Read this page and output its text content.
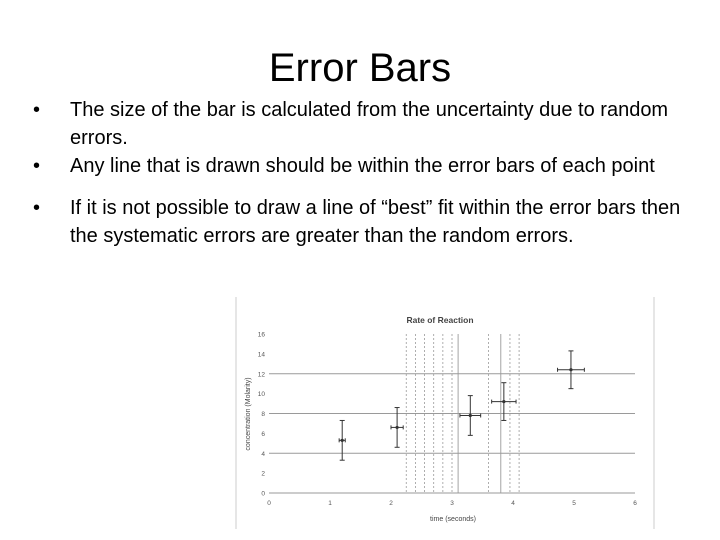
Error Bars
• The size of the bar is calculated from the uncertainty due to random errors.
• Any line that is drawn should be within the error bars of each point
• If it is not possible to draw a line of “best” fit within the error bars then the systematic errors are greater than the random errors.
Rate of Reaction
concentration (Molarity)
time (seconds)
0
2
4
6
8
10
12
14
16
0	1	2	3	4	5	6
